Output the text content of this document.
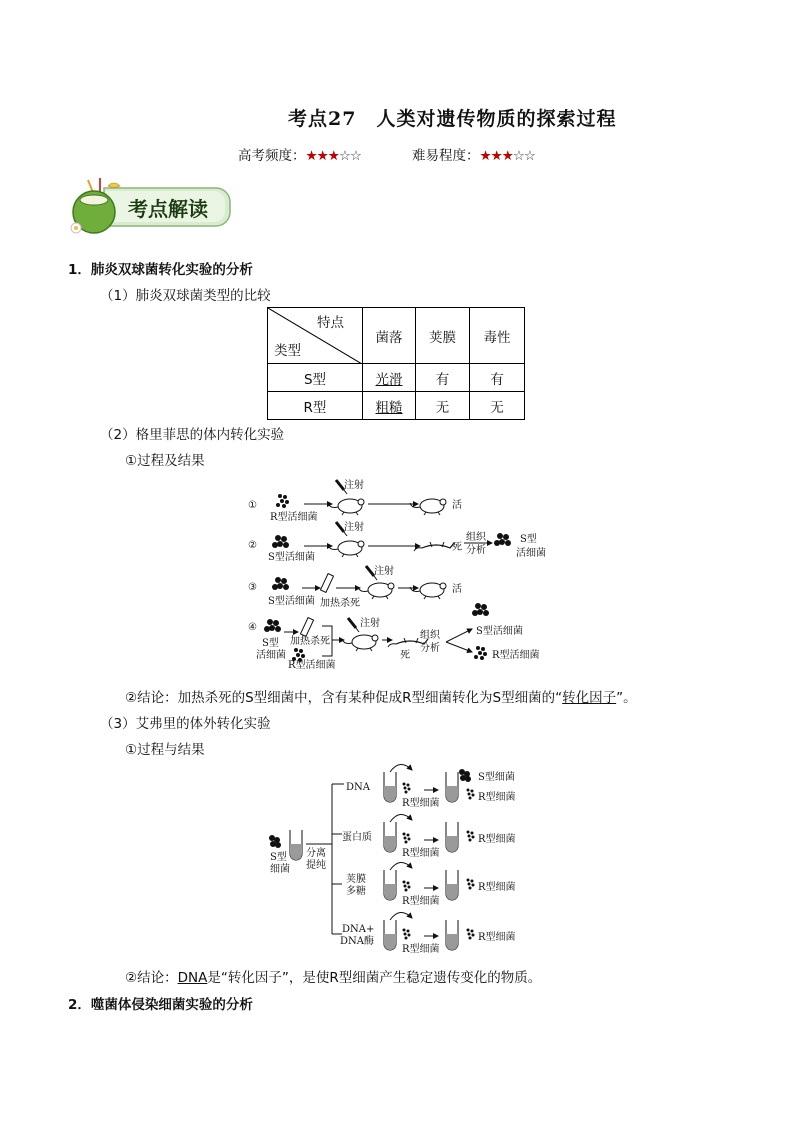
考点27 人类对遗传物质的探索过程
高考频度：★★★☆☆	难易程度：★★★☆☆
考点解读
1．肺炎双球菌转化实验的分析
（1）肺炎双球菌类型的比较
特点
类型	菌落	荚膜	毒性
S型	光滑	有	有
R型	粗糙	无	无
（2）格里菲思的体内转化实验
①过程及结果
①
R型活细菌
注射
活
②
S型活细菌
注射
死
组织
分析
S型
活细菌
③
S型活细菌 加热杀死
注射
活
④
S型
活细菌
加热杀死
R型活细菌
注射
死
组织
分析
S型活细菌
R型活细菌
②结论：加热杀死的S型细菌中，含有某种促成R型细菌转化为S型细菌的“转化因子”。
（3）艾弗里的体外转化实验
①过程与结果
S型
细菌
分离
提纯
DNA
R型细菌
S型细菌
R型细菌
蛋白质
R型细菌
R型细菌
荚膜
多糖
R型细菌
R型细菌
DNA+
DNA酶
R型细菌
R型细菌
②结论：DNA是“转化因子”，是使R型细菌产生稳定遗传变化的物质。
2．噬菌体侵染细菌实验的分析
